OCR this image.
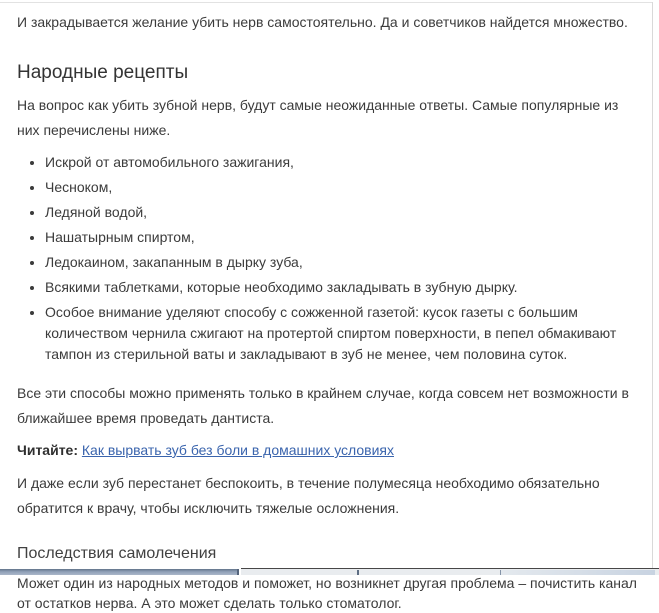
И закрадывается желание убить нерв самостоятельно. Да и советчиков найдется множество.

Народные рецепты

На вопрос как убить зубной нерв, будут самые неожиданные ответы. Самые популярные из них перечислены ниже.

• Искрой от автомобильного зажигания,
• Чесноком,
• Ледяной водой,
• Нашатырным спиртом,
• Ледокаином, закапанным в дырку зуба,
• Всякими таблетками, которые необходимо закладывать в зубную дырку.
• Особое внимание уделяют способу с сожженной газетой: кусок газеты с большим количеством чернила сжигают на протертой спиртом поверхности, в пепел обмакивают тампон из стерильной ваты и закладывают в зуб не менее, чем половина суток.

Все эти способы можно применять только в крайнем случае, когда совсем нет возможности в ближайшее время проведать дантиста.

Читайте: Как вырвать зуб без боли в домашних условиях

И даже если зуб перестанет беспокоить, в течение полумесяца необходимо обязательно обратится к врачу, чтобы исключить тяжелые осложнения.

Последствия самолечения

Может один из народных методов и поможет, но возникнет другая проблема – почистить канал от остатков нерва. А это может сделать только стоматолог.
